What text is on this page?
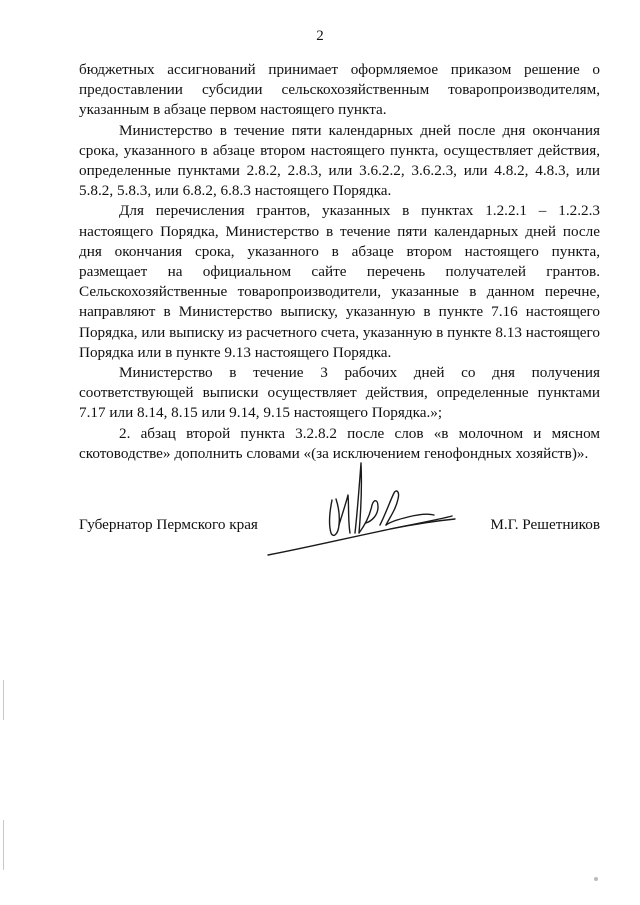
2

бюджетных ассигнований принимает оформляемое приказом решение о предоставлении субсидии сельскохозяйственным товаропроизводителям, указанным в абзаце первом настоящего пункта.

Министерство в течение пяти календарных дней после дня окончания срока, указанного в абзаце втором настоящего пункта, осуществляет действия, определенные пунктами 2.8.2, 2.8.3, или 3.6.2.2, 3.6.2.3, или 4.8.2, 4.8.3, или 5.8.2, 5.8.3, или 6.8.2, 6.8.3 настоящего Порядка.

Для перечисления грантов, указанных в пунктах 1.2.2.1 – 1.2.2.3 настоящего Порядка, Министерство в течение пяти календарных дней после дня окончания срока, указанного в абзаце втором настоящего пункта, размещает на официальном сайте перечень получателей грантов. Сельскохозяйственные товаропроизводители, указанные в данном перечне, направляют в Министерство выписку, указанную в пункте 7.16 настоящего Порядка, или выписку из расчетного счета, указанную в пункте 8.13 настоящего Порядка или в пункте 9.13 настоящего Порядка.

Министерство в течение 3 рабочих дней со дня получения соответствующей выписки осуществляет действия, определенные пунктами 7.17 или 8.14, 8.15 или 9.14, 9.15 настоящего Порядка.»;

2. абзац второй пункта 3.2.8.2 после слов «в молочном и мясном скотоводстве» дополнить словами «(за исключением генофондных хозяйств)».

Губернатор Пермского края	М.Г. Решетников
